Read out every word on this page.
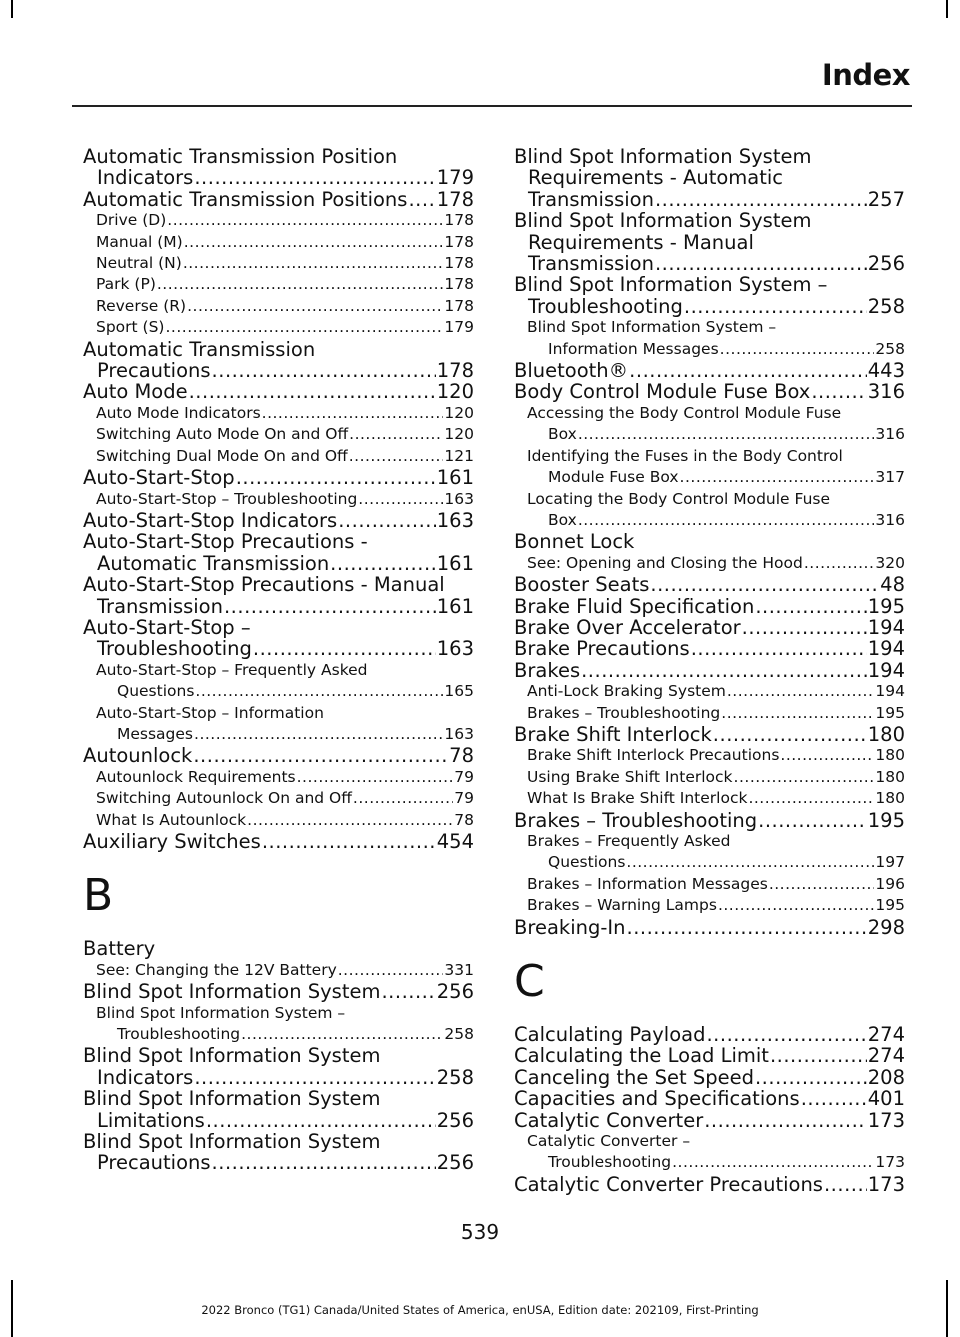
Index
Automatic Transmission Position
Indicators .....	179
Automatic Transmission Positions ..... 178
Drive (D) .....	178
Manual (M) .....	178
Neutral (N) .....	178
Park (P) .....	178
Reverse (R) .....	178
Sport (S) .....	179
Automatic Transmission
Precautions .....	178
Auto Mode .....	120
Auto Mode Indicators .....	120
Switching Auto Mode On and Off .....	120
Switching Dual Mode On and Off .....	121
Auto-Start-Stop .....	161
Auto-Start-Stop – Troubleshooting .....	163
Auto-Start-Stop Indicators .....	163
Auto-Start-Stop Precautions -
Automatic Transmission .....	161
Auto-Start-Stop Precautions - Manual
Transmission .....	161
Auto-Start-Stop –
Troubleshooting .....	163
Auto-Start-Stop – Frequently Asked
Questions .....	165
Auto-Start-Stop – Information
Messages .....	163
Autounlock .....	78
Autounlock Requirements .....	79
Switching Autounlock On and Off .....	79
What Is Autounlock .....	78
Auxiliary Switches .....	454
B
Battery
See: Changing the 12V Battery .....	331
Blind Spot Information System .....	256
Blind Spot Information System –
Troubleshooting .....	258
Blind Spot Information System
Indicators .....	258
Blind Spot Information System
Limitations .....	256
Blind Spot Information System
Precautions .....	256
Blind Spot Information System
Requirements - Automatic
Transmission .....	257
Blind Spot Information System
Requirements - Manual
Transmission .....	256
Blind Spot Information System –
Troubleshooting .....	258
Blind Spot Information System –
Information Messages .....	258
Bluetooth® .....	443
Body Control Module Fuse Box .....	316
Accessing the Body Control Module Fuse
Box .....	316
Identifying the Fuses in the Body Control
Module Fuse Box .....	317
Locating the Body Control Module Fuse
Box .....	316
Bonnet Lock
See: Opening and Closing the Hood .....	320
Booster Seats .....	48
Brake Fluid Specification .....	195
Brake Over Accelerator .....	194
Brake Precautions .....	194
Brakes .....	194
Anti-Lock Braking System .....	194
Brakes – Troubleshooting .....	195
Brake Shift Interlock .....	180
Brake Shift Interlock Precautions .....	180
Using Brake Shift Interlock .....	180
What Is Brake Shift Interlock .....	180
Brakes – Troubleshooting .....	195
Brakes – Frequently Asked
Questions .....	197
Brakes – Information Messages .....	196
Brakes – Warning Lamps .....	195
Breaking-In .....	298
C
Calculating Payload .....	274
Calculating the Load Limit .....	274
Canceling the Set Speed .....	208
Capacities and Specifications .....	401
Catalytic Converter .....	173
Catalytic Converter –
Troubleshooting .....	173
Catalytic Converter Precautions ..... 173
539
2022 Bronco (TG1) Canada/United States of America, enUSA, Edition date: 202109, First-Printing
